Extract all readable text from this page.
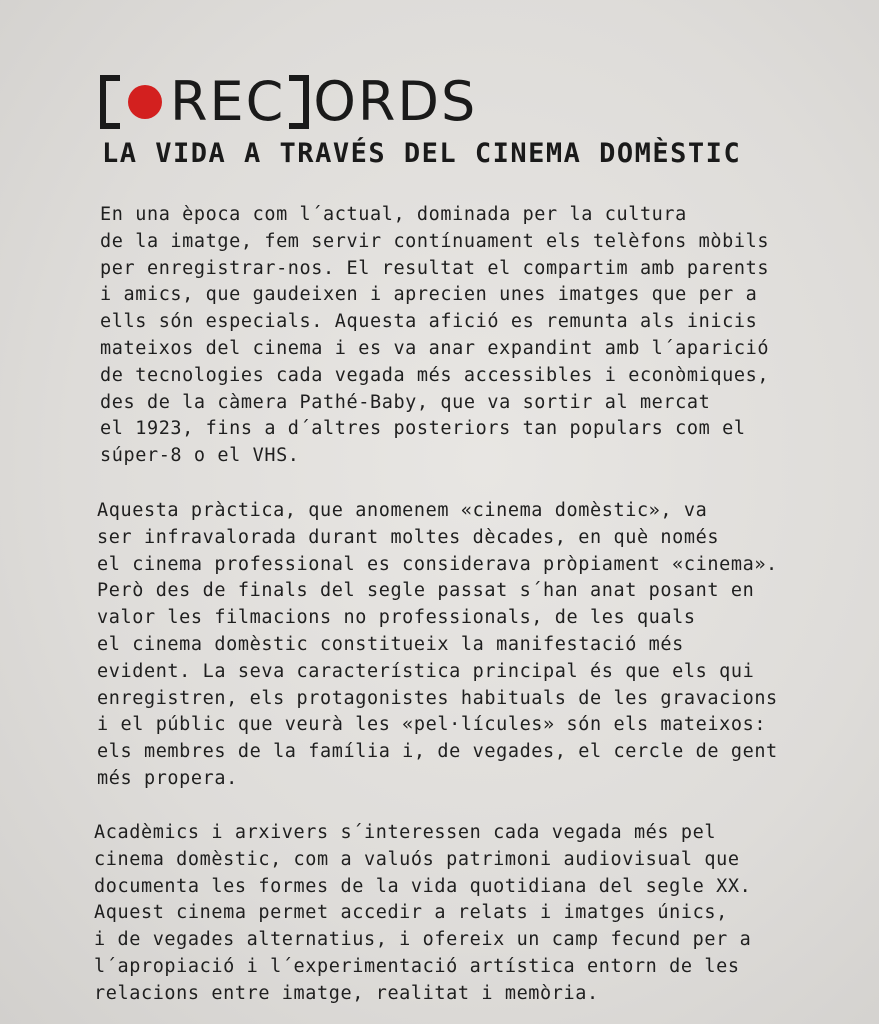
REC ORDS
LA VIDA A TRAVÉS DEL CINEMA DOMÈSTIC
En una època com l´actual, dominada per la cultura
de la imatge, fem servir contínuament els telèfons mòbils
per enregistrar-nos. El resultat el compartim amb parents
i amics, que gaudeixen i aprecien unes imatges que per a
ells són especials. Aquesta afició es remunta als inicis
mateixos del cinema i es va anar expandint amb l´aparició
de tecnologies cada vegada més accessibles i econòmiques,
des de la càmera Pathé-Baby, que va sortir al mercat
el 1923, fins a d´altres posteriors tan populars com el
súper-8 o el VHS.
Aquesta pràctica, que anomenem «cinema domèstic», va
ser infravalorada durant moltes dècades, en què només
el cinema professional es considerava pròpiament «cinema».
Però des de finals del segle passat s´han anat posant en
valor les filmacions no professionals, de les quals
el cinema domèstic constitueix la manifestació més
evident. La seva característica principal és que els qui
enregistren, els protagonistes habituals de les gravacions
i el públic que veurà les «pel·lícules» són els mateixos:
els membres de la família i, de vegades, el cercle de gent
més propera.
Acadèmics i arxivers s´interessen cada vegada més pel
cinema domèstic, com a valuós patrimoni audiovisual que
documenta les formes de la vida quotidiana del segle XX.
Aquest cinema permet accedir a relats i imatges únics,
i de vegades alternatius, i ofereix un camp fecund per a
l´apropiació i l´experimentació artística entorn de les
relacions entre imatge, realitat i memòria.
